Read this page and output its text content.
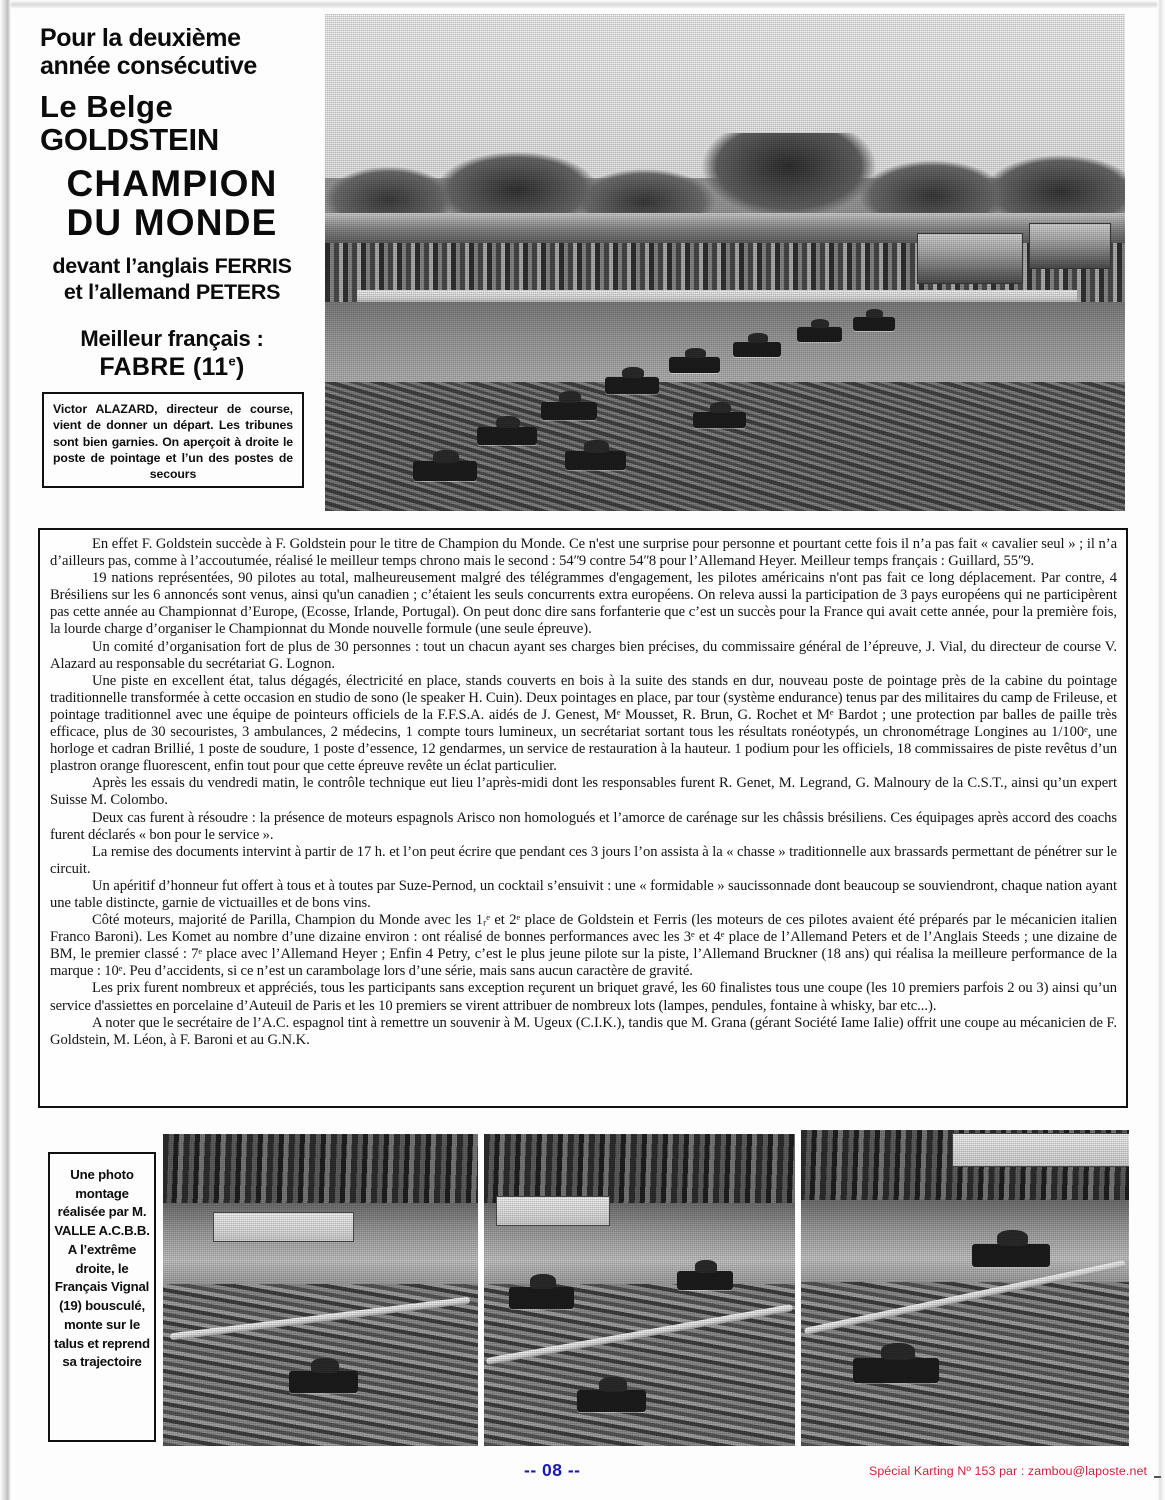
Pour la deuxième
année consécutive
Le Belge
GOLDSTEIN
CHAMPION
DU MONDE
devant l’anglais FERRIS
et l’allemand PETERS
Meilleur français :
FABRE (11e)
Victor ALAZARD, directeur de course, vient de donner un départ. Les tribunes sont bien garnies. On aperçoit à droite le poste de pointage et l’un des postes de secours

En effet F. Goldstein succède à F. Goldstein pour le titre de Champion du Monde. Ce n'est une surprise pour personne et pourtant cette fois il n’a pas fait « cavalier seul » ; il n’a d’ailleurs pas, comme à l’accoutumée, réalisé le meilleur temps chrono mais le second : 54ʺ9 contre 54ʺ8 pour l’Allemand Heyer. Meilleur temps français : Guillard, 55ʺ9.

19 nations représentées, 90 pilotes au total, malheureusement malgré des télégrammes d'engagement, les pilotes américains n'ont pas fait ce long déplacement. Par contre, 4 Brésiliens sur les 6 annoncés sont venus, ainsi qu'un canadien ; c’étaient les seuls concurrents extra européens. On releva aussi la participation de 3 pays européens qui ne participèrent pas cette année au Championnat d’Europe, (Ecosse, Irlande, Portugal). On peut donc dire sans forfanterie que c’est un succès pour la France qui avait cette année, pour la première fois, la lourde charge d’organiser le Championnat du Monde nouvelle formule (une seule épreuve).

Un comité d’organisation fort de plus de 30 personnes : tout un chacun ayant ses charges bien précises, du commissaire général de l’épreuve, J. Vial, du directeur de course V. Alazard au responsable du secrétariat G. Lognon.

Une piste en excellent état, talus dégagés, électricité en place, stands couverts en bois à la suite des stands en dur, nouveau poste de pointage près de la cabine du pointage traditionnelle transformée à cette occasion en studio de sono (le speaker H. Cuin). Deux pointages en place, par tour (système endurance) tenus par des militaires du camp de Frileuse, et pointage traditionnel avec une équipe de pointeurs officiels de la F.F.S.A. aidés de J. Genest, Mᵉ Mousset, R. Brun, G. Rochet et Mᵉ Bardot ; une protection par balles de paille très efficace, plus de 30 secouristes, 3 ambulances, 2 médecins, 1 compte tours lumineux, un secrétariat sortant tous les résultats ronéotypés, un chronométrage Longines au 1/100ᵉ, une horloge et cadran Brillié, 1 poste de soudure, 1 poste d’essence, 12 gendarmes, un service de restauration à la hauteur. 1 podium pour les officiels, 18 commissaires de piste revêtus d’un plastron orange fluorescent, enfin tout pour que cette épreuve revête un éclat particulier.

Après les essais du vendredi matin, le contrôle technique eut lieu l’après-midi dont les responsables furent R. Genet, M. Legrand, G. Malnoury de la C.S.T., ainsi qu’un expert Suisse M. Colombo.

Deux cas furent à résoudre : la présence de moteurs espagnols Arisco non homologués et l’amorce de carénage sur les châssis brésiliens. Ces équipages après accord des coachs furent déclarés « bon pour le service ».

La remise des documents intervint à partir de 17 h. et l’on peut écrire que pendant ces 3 jours l’on assista à la « chasse » traditionnelle aux brassards permettant de pénétrer sur le circuit.

Un apéritif d’honneur fut offert à tous et à toutes par Suze-Pernod, un cocktail s’ensuivit : une « formidable » saucissonnade dont beaucoup se souviendront, chaque nation ayant une table distincte, garnie de victuailles et de bons vins.

Côté moteurs, majorité de Parilla, Champion du Monde avec les 1ᵣᵉ et 2ᵉ place de Goldstein et Ferris (les moteurs de ces pilotes avaient été préparés par le mécanicien italien Franco Baroni). Les Komet au nombre d’une dizaine environ : ont réalisé de bonnes performances avec les 3ᵉ et 4ᵉ place de l’Allemand Peters et de l’Anglais Steeds ; une dizaine de BM, le premier classé : 7ᵉ place avec l’Allemand Heyer ; Enfin 4 Petry, c’est le plus jeune pilote sur la piste, l’Allemand Bruckner (18 ans) qui réalisa la meilleure performance de la marque : 10ᵉ. Peu d’accidents, si ce n’est un carambolage lors d’une série, mais sans aucun caractère de gravité.

Les prix furent nombreux et appréciés, tous les participants sans exception reçurent un briquet gravé, les 60 finalistes tous une coupe (les 10 premiers parfois 2 ou 3) ainsi qu’un service d'assiettes en porcelaine d’Auteuil de Paris et les 10 premiers se virent attribuer de nombreux lots (lampes, pendules, fontaine à whisky, bar etc...).

A noter que le secrétaire de l’A.C. espagnol tint à remettre un souvenir à M. Ugeux (C.I.K.), tandis que M. Grana (gérant Société Iame Ialie) offrit une coupe au mécanicien de F. Goldstein, M. Léon, à F. Baroni et au G.N.K.

Une photo montage réalisée par M. VALLE A.C.B.B. A l’extrême droite, le Français Vignal (19) bousculé, monte sur le talus et reprend sa trajectoire
-- 08 --	Spécial Karting Nº 153 par : zambou@laposte.net
